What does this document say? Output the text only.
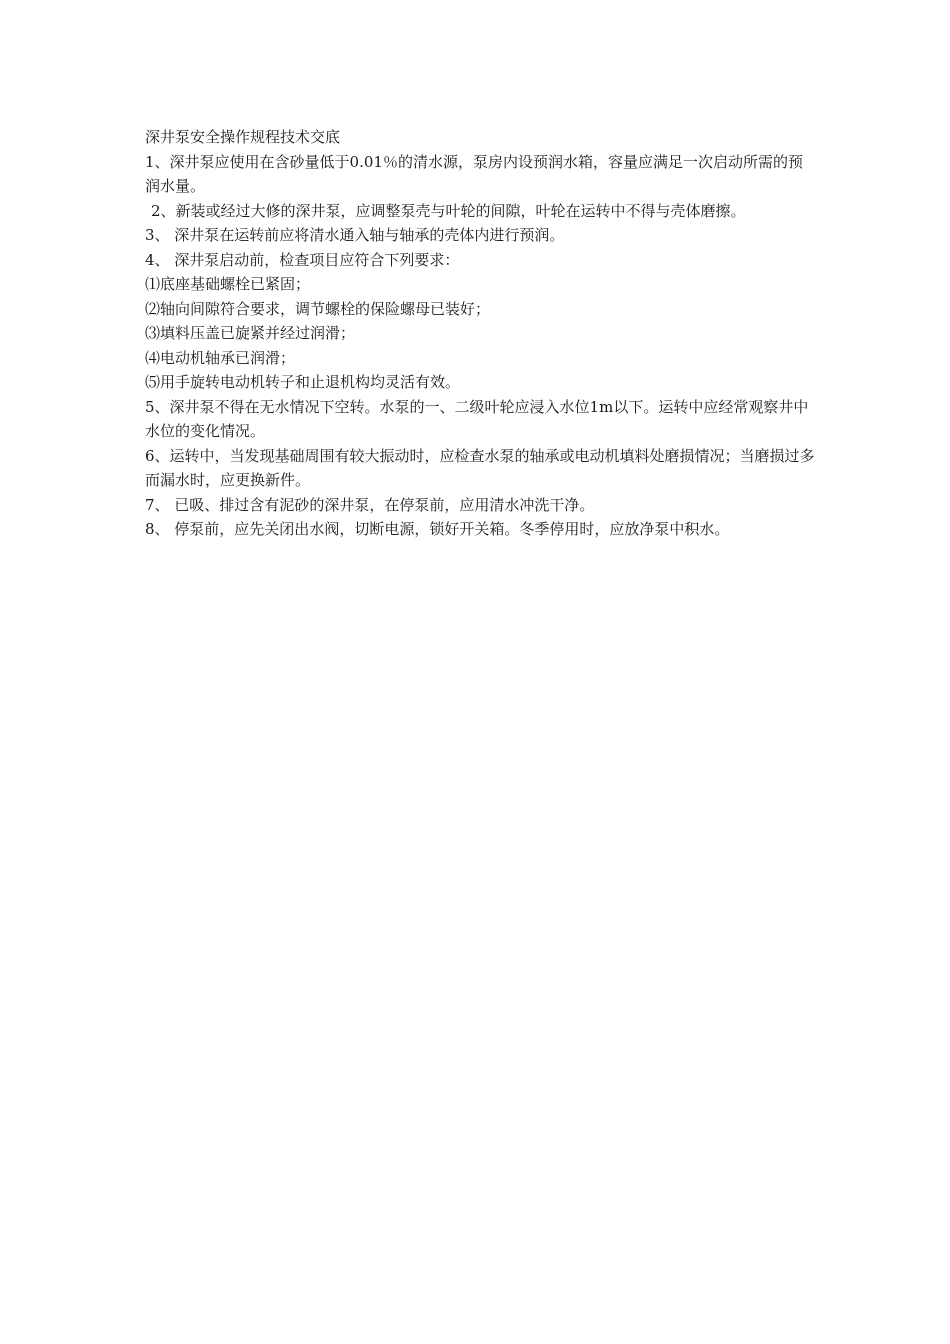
深井泵安全操作规程技术交底
1、深井泵应使用在含砂量低于0.01％的清水源，泵房内设预润水箱，容量应满足一次启动所需的预润水量。
2、新装或经过大修的深井泵，应调整泵壳与叶轮的间隙，叶轮在运转中不得与壳体磨擦。
3、 深井泵在运转前应将清水通入轴与轴承的壳体内进行预润。
4、 深井泵启动前，检查项目应符合下列要求：
⑴底座基础螺栓已紧固；
⑵轴向间隙符合要求，调节螺栓的保险螺母已装好；
⑶填料压盖已旋紧并经过润滑；
⑷电动机轴承已润滑；
⑸用手旋转电动机转子和止退机构均灵活有效。
5、深井泵不得在无水情况下空转。水泵的一、二级叶轮应浸入水位1m以下。运转中应经常观察井中水位的变化情况。
6、运转中，当发现基础周围有较大振动时，应检查水泵的轴承或电动机填料处磨损情况；当磨损过多而漏水时，应更换新件。
7、 已吸、排过含有泥砂的深井泵，在停泵前，应用清水冲洗干净。
8、 停泵前，应先关闭出水阀，切断电源，锁好开关箱。冬季停用时，应放净泵中积水。
